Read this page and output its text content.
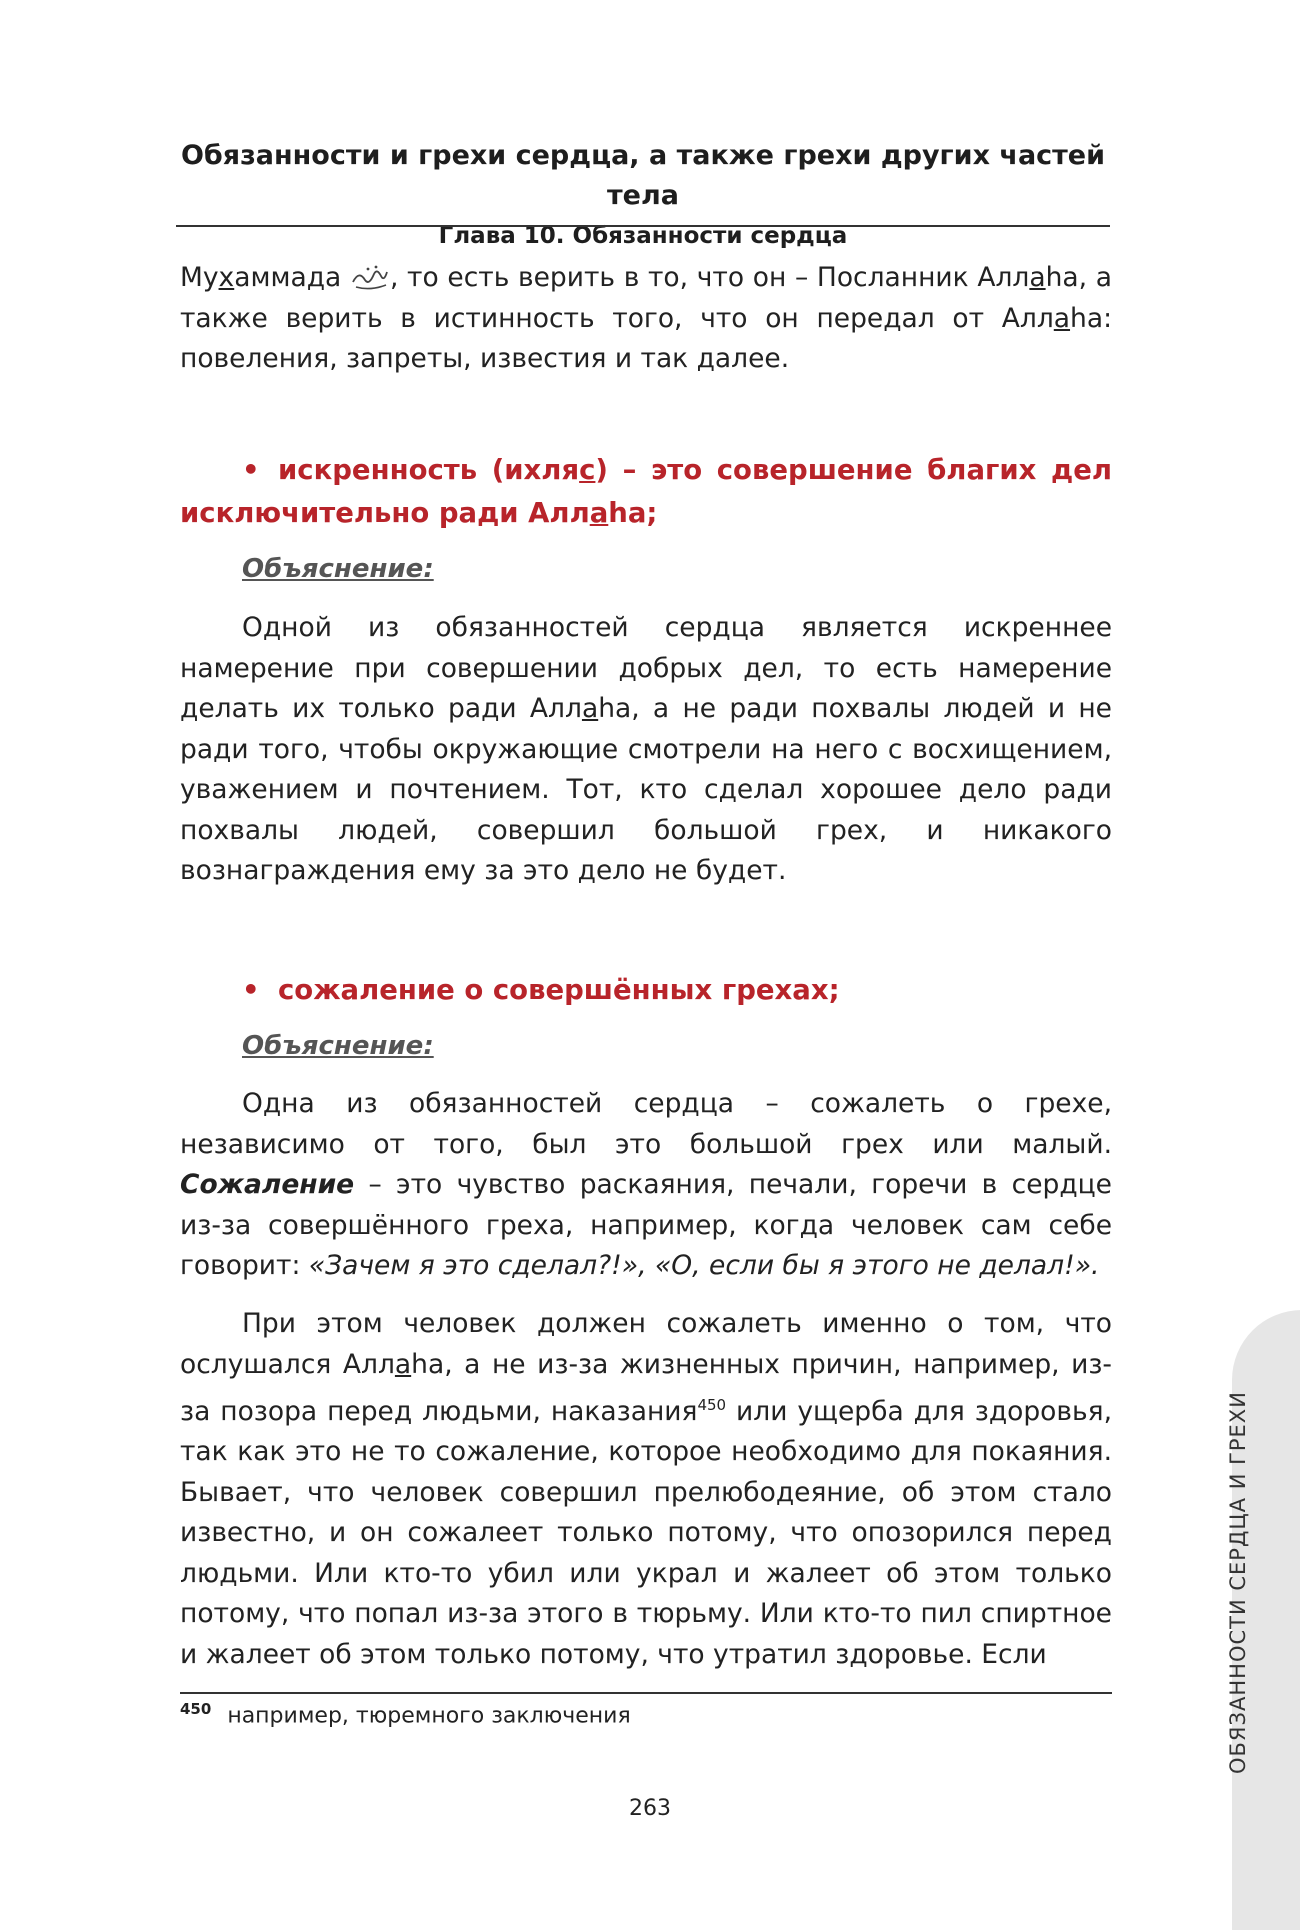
Обязанности и грехи сердца, а также грехи других частей тела
Глава 10. Обязанности сердца

Мухаммада , то есть верить в то, что он – Посланник Аллаhа, а также верить в истинность того, что он передал от Аллаhа: повеления, запреты, известия и так далее.

• искренность (ихляс) – это совершение благих дел исключительно ради Аллаhа;
Объяснение:

Одной из обязанностей сердца является искреннее намерение при совершении добрых дел, то есть намерение делать их только ради Аллаhа, а не ради похвалы людей и не ради того, чтобы окружающие смотрели на него с восхищением, уважением и почтением. Тот, кто сделал хорошее дело ради похвалы людей, совершил большой грех, и никакого вознаграждения ему за это дело не будет.

• сожаление о совершённых грехах;
Объяснение:

Одна из обязанностей сердца – сожалеть о грехе, независимо от того, был это большой грех или малый. Сожаление – это чувство раскаяния, печали, горечи в сердце из-за совершённого греха, например, когда человек сам себе говорит: «Зачем я это сделал?!», «О, если бы я этого не делал!».

При этом человек должен сожалеть именно о том, что ослушался Аллаhа, а не из-за жизненных причин, например, из-за позора перед людьми, наказания$^{450}$ или ущерба для здоровья, так как это не то сожаление, которое необходимо для покаяния. Бывает, что человек совершил прелюбодеяние, об этом стало известно, и он сожалеет только потому, что опозорился перед людьми. Или кто-то убил или украл и жалеет об этом только потому, что попал из-за этого в тюрьму. Или кто-то пил спиртное и жалеет об этом только потому, что утратил здоровье. Если

$^{450}$ например, тюремного заключения
263
ОБЯЗАННОСТИ СЕРДЦА И ГРЕХИ
